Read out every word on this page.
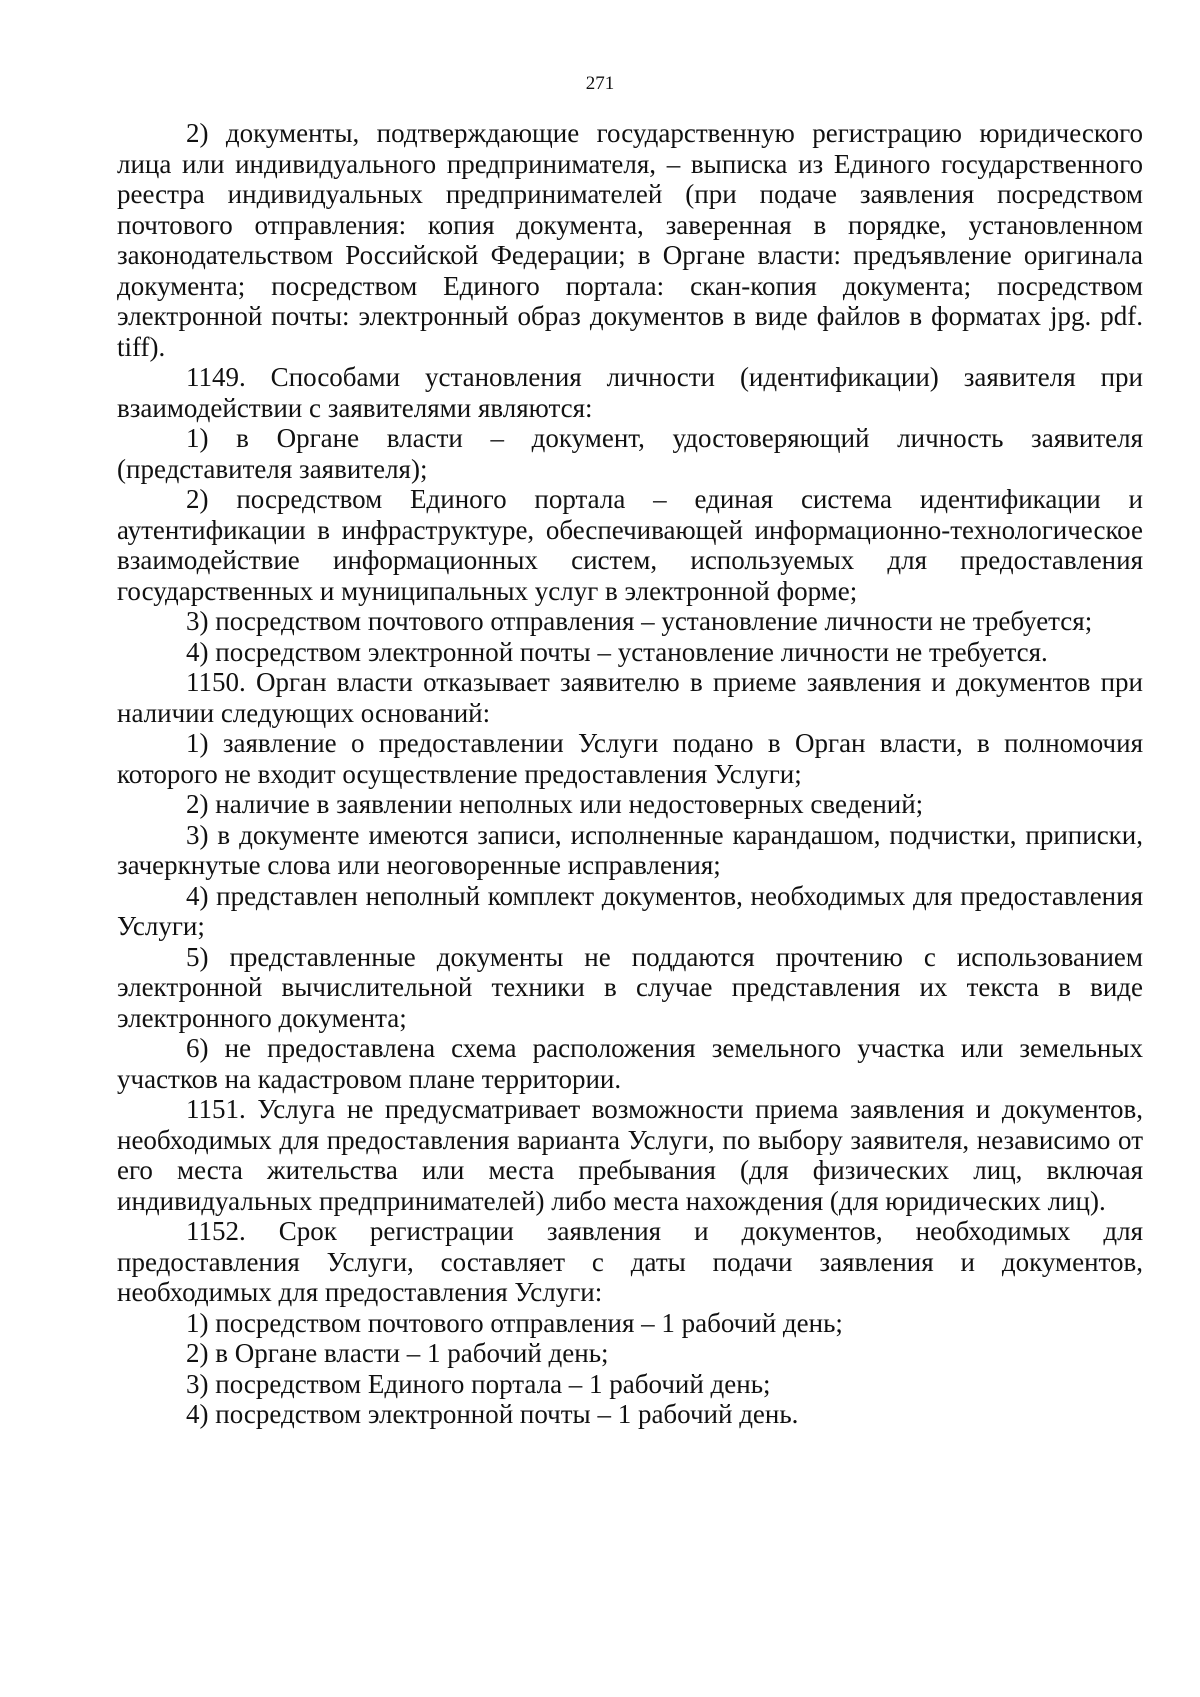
271

2) документы, подтверждающие государственную регистрацию юридического лица или индивидуального предпринимателя, – выписка из Единого государственного реестра индивидуальных предпринимателей (при подаче заявления посредством почтового отправления: копия документа, заверенная в порядке, установленном законодательством Российской Федерации; в Органе власти: предъявление оригинала документа; посредством Единого портала: скан-копия документа; посредством электронной почты: электронный образ документов в виде файлов в форматах jpg. pdf. tiff).

1149. Способами установления личности (идентификации) заявителя при взаимодействии с заявителями являются:

1) в Органе власти – документ, удостоверяющий личность заявителя (представителя заявителя);

2) посредством Единого портала – единая система идентификации и аутентификации в инфраструктуре, обеспечивающей информационно-технологическое взаимодействие информационных систем, используемых для предоставления государственных и муниципальных услуг в электронной форме;

3) посредством почтового отправления – установление личности не требуется;

4) посредством электронной почты – установление личности не требуется.

1150. Орган власти отказывает заявителю в приеме заявления и документов при наличии следующих оснований:

1) заявление о предоставлении Услуги подано в Орган власти, в полномочия которого не входит осуществление предоставления Услуги;

2) наличие в заявлении неполных или недостоверных сведений;

3) в документе имеются записи, исполненные карандашом, подчистки, приписки, зачеркнутые слова или неоговоренные исправления;

4) представлен неполный комплект документов, необходимых для предоставления Услуги;

5) представленные документы не поддаются прочтению с использованием электронной вычислительной техники в случае представления их текста в виде электронного документа;

6) не предоставлена схема расположения земельного участка или земельных участков на кадастровом плане территории.

1151. Услуга не предусматривает возможности приема заявления и документов, необходимых для предоставления варианта Услуги, по выбору заявителя, независимо от его места жительства или места пребывания (для физических лиц, включая индивидуальных предпринимателей) либо места нахождения (для юридических лиц).

1152. Срок регистрации заявления и документов, необходимых для предоставления Услуги, составляет с даты подачи заявления и документов, необходимых для предоставления Услуги:

1) посредством почтового отправления – 1 рабочий день;

2) в Органе власти – 1 рабочий день;

3) посредством Единого портала – 1 рабочий день;

4) посредством электронной почты – 1 рабочий день.
